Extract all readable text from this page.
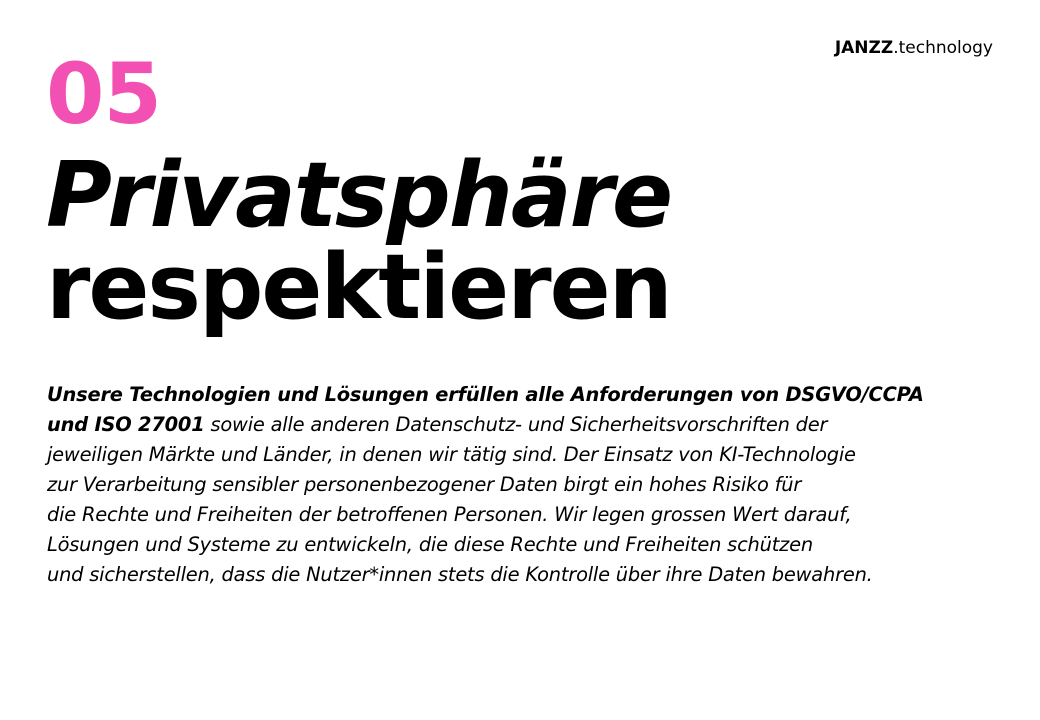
JANZZ.technology
05
Privatsphäre
respektieren

Unsere Technologien und Lösungen erfüllen alle Anforderungen von DSGVO/CCPA
und ISO 27001 sowie alle anderen Datenschutz- und Sicherheitsvorschriften der
jeweiligen Märkte und Länder, in denen wir tätig sind. Der Einsatz von KI-Technologie
zur Verarbeitung sensibler personenbezogener Daten birgt ein hohes Risiko für
die Rechte und Freiheiten der betroffenen Personen. Wir legen grossen Wert darauf,
Lösungen und Systeme zu entwickeln, die diese Rechte und Freiheiten schützen
und sicherstellen, dass die Nutzer*innen stets die Kontrolle über ihre Daten bewahren.
